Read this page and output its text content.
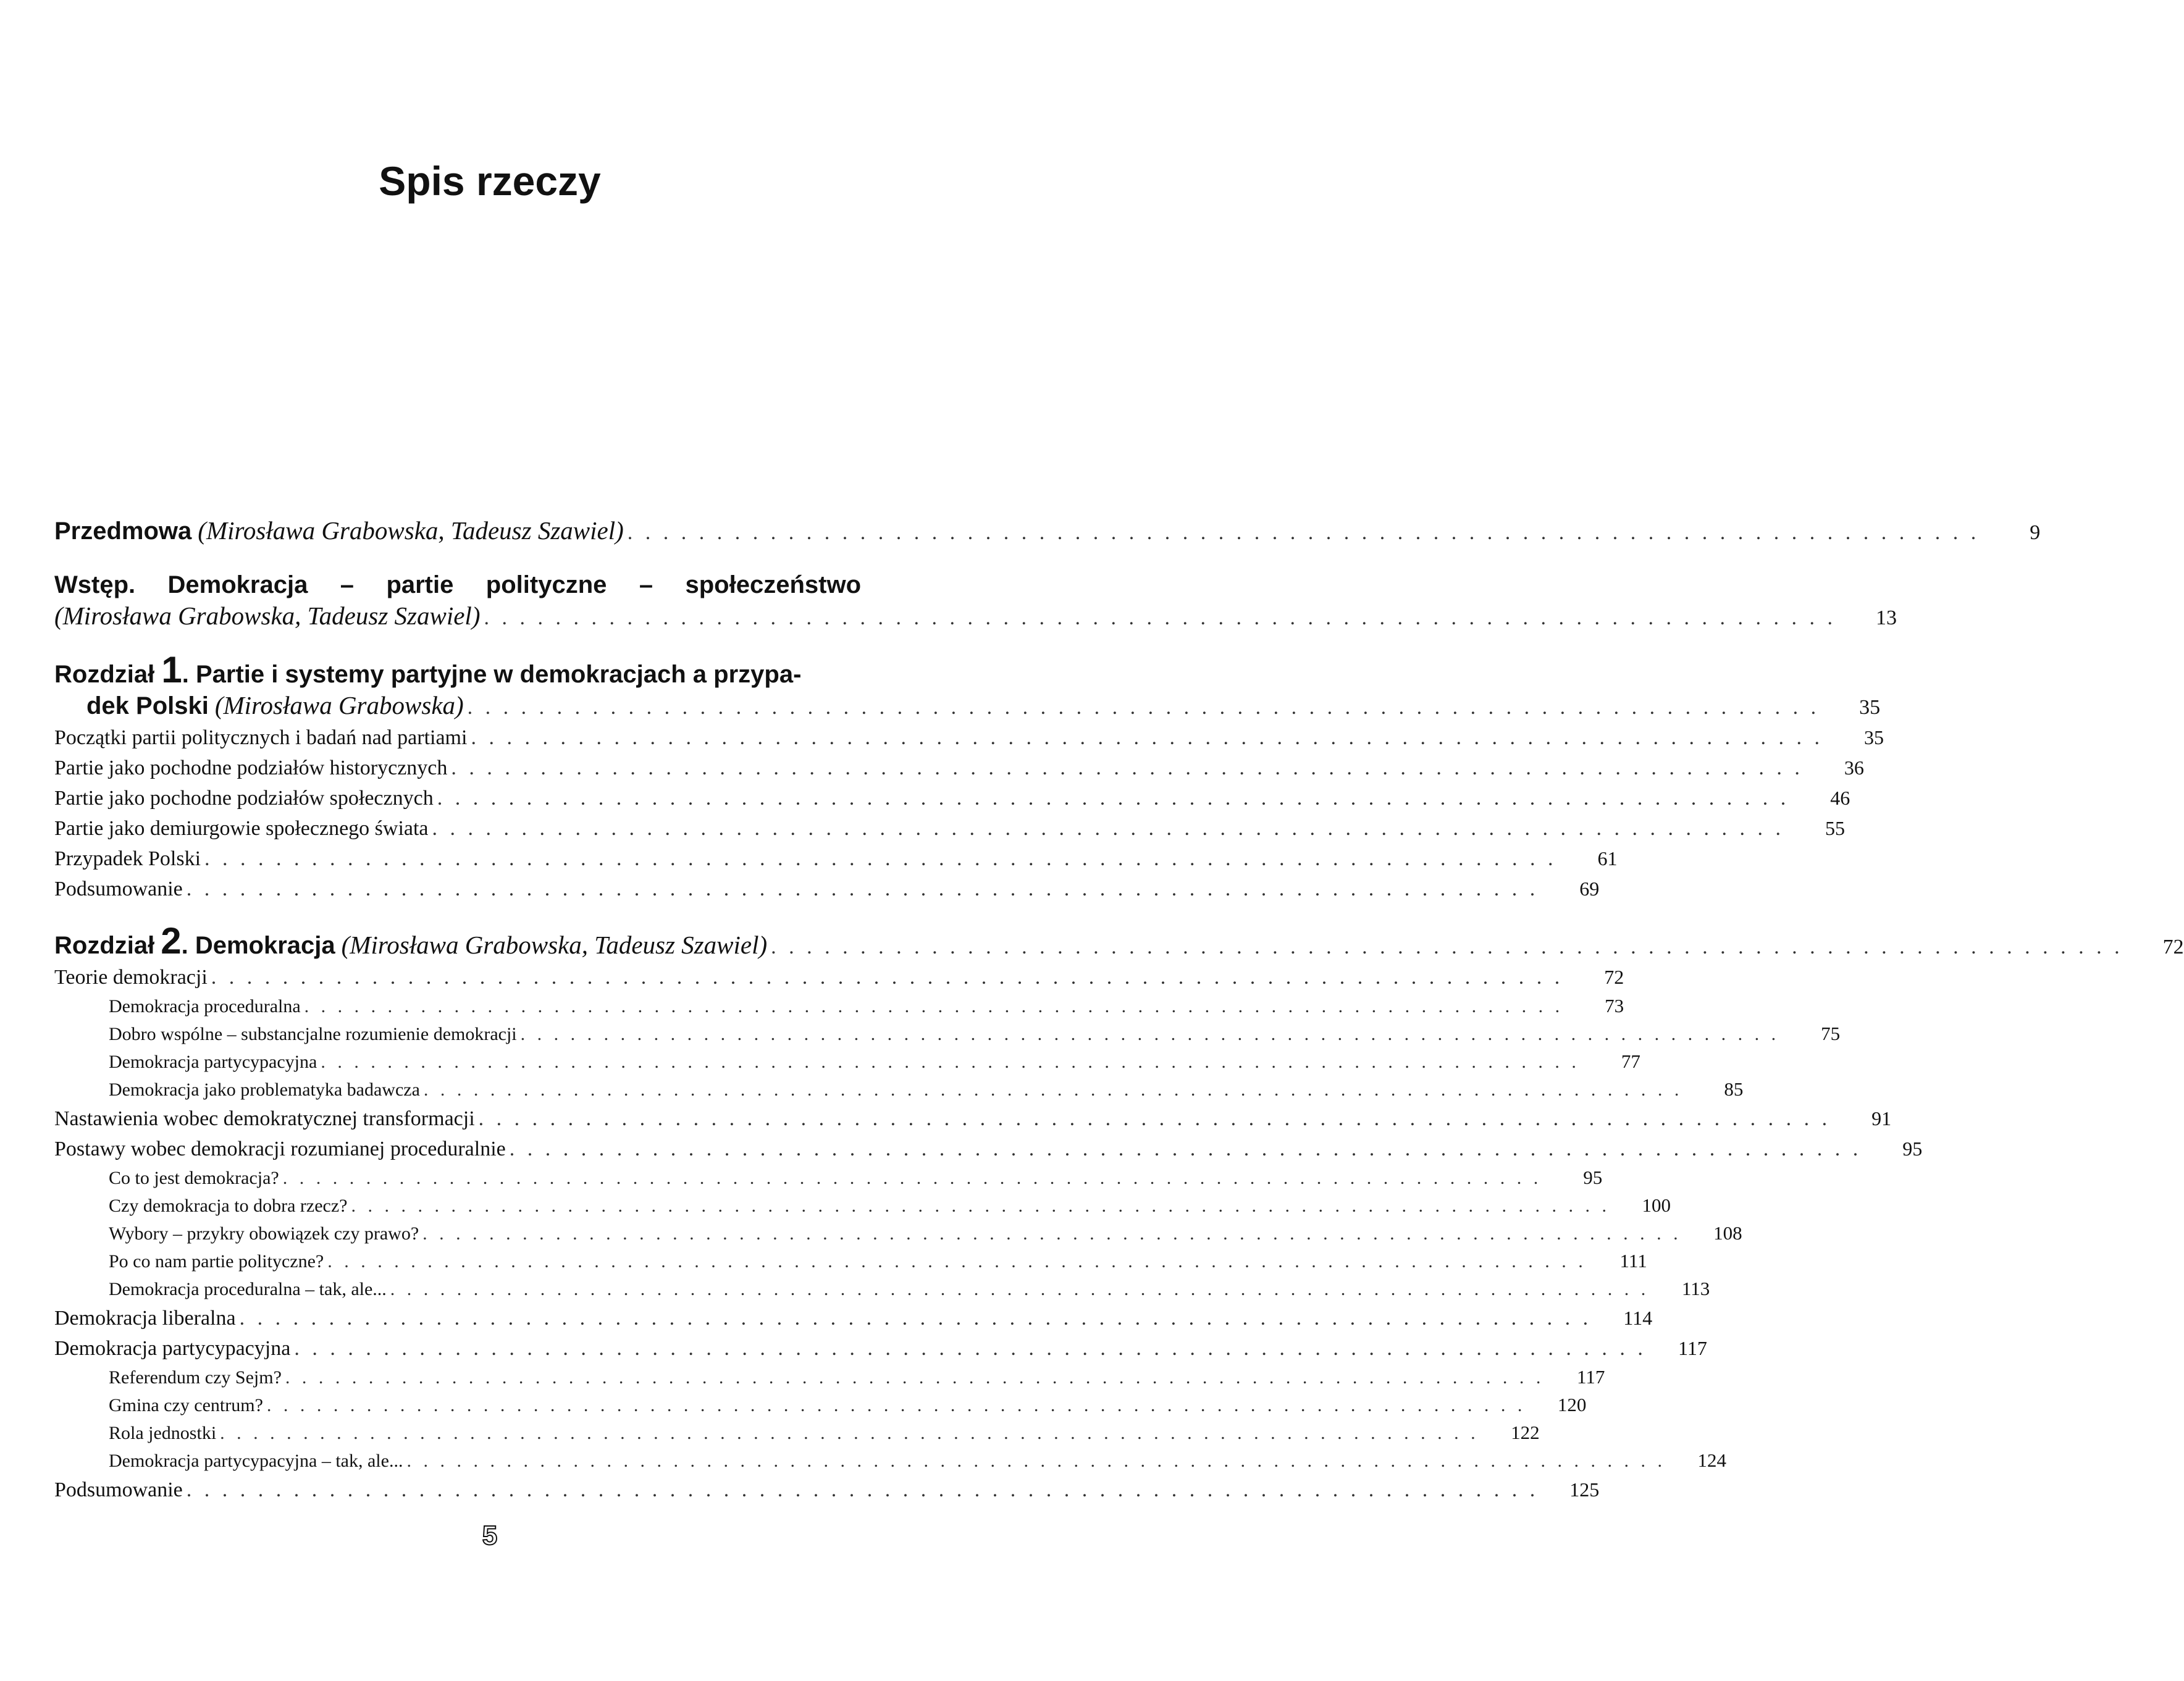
Spis rzeczy
Przedmowa (Mirosława Grabowska, Tadeusz Szawiel) . . . . . . . . . . . . . . . . . . . . . . . . . . . . . . . . . . . . . . . . . . . . . . . . . . . . . . . . . . . . . . . . . . . . . . . . . . . .	9
Wstęp. Demokracja – partie polityczne – społeczeństwo
(Mirosława Grabowska, Tadeusz Szawiel) . . . . . . . . . . . . . . . . . . . . . . . . . . . . . . . . . . . . . . . . . . . . . . . . . . . . . . . . . . . . . . . . . . . . . . . . . . . .	13
Rozdział 1. Partie i systemy partyjne w demokracjach a przypa-
dek Polski (Mirosława Grabowska) . . . . . . . . . . . . . . . . . . . . . . . . . . . . . . . . . . . . . . . . . . . . . . . . . . . . . . . . . . . . . . . . . . . . . . . . . . . .	35
Początki partii politycznych i badań nad partiami . . . . . . . . . . . . . . . . . . . . . . . . . . . . . . . . . . . . . . . . . . . . . . . . . . . . . . . . . . . . . . . . . . . . . . . . . . . .	35
Partie jako pochodne podziałów historycznych . . . . . . . . . . . . . . . . . . . . . . . . . . . . . . . . . . . . . . . . . . . . . . . . . . . . . . . . . . . . . . . . . . . . . . . . . . . .	36
Partie jako pochodne podziałów społecznych . . . . . . . . . . . . . . . . . . . . . . . . . . . . . . . . . . . . . . . . . . . . . . . . . . . . . . . . . . . . . . . . . . . . . . . . . . . .	46
Partie jako demiurgowie społecznego świata . . . . . . . . . . . . . . . . . . . . . . . . . . . . . . . . . . . . . . . . . . . . . . . . . . . . . . . . . . . . . . . . . . . . . . . . . . . .	55
Przypadek Polski . . . . . . . . . . . . . . . . . . . . . . . . . . . . . . . . . . . . . . . . . . . . . . . . . . . . . . . . . . . . . . . . . . . . . . . . . . . .	61
Podsumowanie . . . . . . . . . . . . . . . . . . . . . . . . . . . . . . . . . . . . . . . . . . . . . . . . . . . . . . . . . . . . . . . . . . . . . . . . . . . .	69
Rozdział 2. Demokracja (Mirosława Grabowska, Tadeusz Szawiel) . . . . . . . . . . . . . . . . . . . . . . . . . . . . . . . . . . . . . . . . . . . . . . . . . . . . . . . . . . . . . . . . . . . . . . . . . . . .	72
Teorie demokracji . . . . . . . . . . . . . . . . . . . . . . . . . . . . . . . . . . . . . . . . . . . . . . . . . . . . . . . . . . . . . . . . . . . . . . . . . . . .	72
Demokracja proceduralna . . . . . . . . . . . . . . . . . . . . . . . . . . . . . . . . . . . . . . . . . . . . . . . . . . . . . . . . . . . . . . . . . . . . . . . . . . . .	73
Dobro wspólne – substancjalne rozumienie demokracji . . . . . . . . . . . . . . . . . . . . . . . . . . . . . . . . . . . . . . . . . . . . . . . . . . . . . . . . . . . . . . . . . . . . . . . . . . . .	75
Demokracja partycypacyjna . . . . . . . . . . . . . . . . . . . . . . . . . . . . . . . . . . . . . . . . . . . . . . . . . . . . . . . . . . . . . . . . . . . . . . . . . . . .	77
Demokracja jako problematyka badawcza . . . . . . . . . . . . . . . . . . . . . . . . . . . . . . . . . . . . . . . . . . . . . . . . . . . . . . . . . . . . . . . . . . . . . . . . . . . .	85
Nastawienia wobec demokratycznej transformacji . . . . . . . . . . . . . . . . . . . . . . . . . . . . . . . . . . . . . . . . . . . . . . . . . . . . . . . . . . . . . . . . . . . . . . . . . . . .	91
Postawy wobec demokracji rozumianej proceduralnie . . . . . . . . . . . . . . . . . . . . . . . . . . . . . . . . . . . . . . . . . . . . . . . . . . . . . . . . . . . . . . . . . . . . . . . . . . . .	95
Co to jest demokracja? . . . . . . . . . . . . . . . . . . . . . . . . . . . . . . . . . . . . . . . . . . . . . . . . . . . . . . . . . . . . . . . . . . . . . . . . . . . .	95
Czy demokracja to dobra rzecz? . . . . . . . . . . . . . . . . . . . . . . . . . . . . . . . . . . . . . . . . . . . . . . . . . . . . . . . . . . . . . . . . . . . . . . . . . . . .	100
Wybory – przykry obowiązek czy prawo? . . . . . . . . . . . . . . . . . . . . . . . . . . . . . . . . . . . . . . . . . . . . . . . . . . . . . . . . . . . . . . . . . . . . . . . . . . . .	108
Po co nam partie polityczne? . . . . . . . . . . . . . . . . . . . . . . . . . . . . . . . . . . . . . . . . . . . . . . . . . . . . . . . . . . . . . . . . . . . . . . . . . . . .	111
Demokracja proceduralna – tak, ale... . . . . . . . . . . . . . . . . . . . . . . . . . . . . . . . . . . . . . . . . . . . . . . . . . . . . . . . . . . . . . . . . . . . . . . . . . . . .	113
Demokracja liberalna . . . . . . . . . . . . . . . . . . . . . . . . . . . . . . . . . . . . . . . . . . . . . . . . . . . . . . . . . . . . . . . . . . . . . . . . . . . .	114
Demokracja partycypacyjna . . . . . . . . . . . . . . . . . . . . . . . . . . . . . . . . . . . . . . . . . . . . . . . . . . . . . . . . . . . . . . . . . . . . . . . . . . . .	117
Referendum czy Sejm? . . . . . . . . . . . . . . . . . . . . . . . . . . . . . . . . . . . . . . . . . . . . . . . . . . . . . . . . . . . . . . . . . . . . . . . . . . . .	117
Gmina czy centrum? . . . . . . . . . . . . . . . . . . . . . . . . . . . . . . . . . . . . . . . . . . . . . . . . . . . . . . . . . . . . . . . . . . . . . . . . . . . .	120
Rola jednostki . . . . . . . . . . . . . . . . . . . . . . . . . . . . . . . . . . . . . . . . . . . . . . . . . . . . . . . . . . . . . . . . . . . . . . . . . . . .	122
Demokracja partycypacyjna – tak, ale... . . . . . . . . . . . . . . . . . . . . . . . . . . . . . . . . . . . . . . . . . . . . . . . . . . . . . . . . . . . . . . . . . . . . . . . . . . . .	124
Podsumowanie . . . . . . . . . . . . . . . . . . . . . . . . . . . . . . . . . . . . . . . . . . . . . . . . . . . . . . . . . . . . . . . . . . . . . . . . . . . .	125
5
